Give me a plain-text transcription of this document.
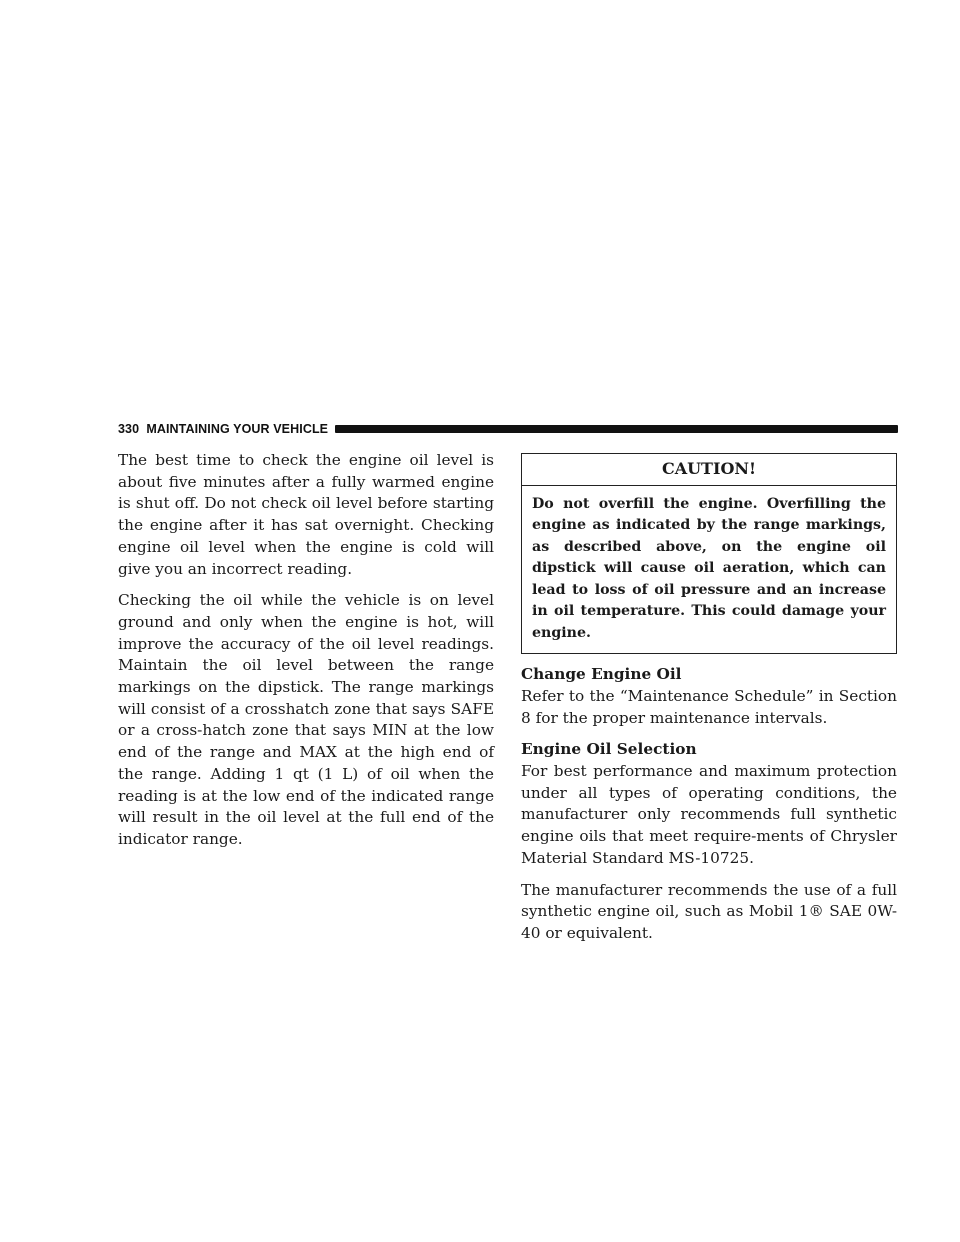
330 MAINTAINING YOUR VEHICLE

The best time to check the engine oil level is about five minutes after a fully warmed engine is shut off. Do not check oil level before starting the engine after it has sat overnight. Checking engine oil level when the engine is cold will give you an incorrect reading.

Checking the oil while the vehicle is on level ground and only when the engine is hot, will improve the accuracy of the oil level readings. Maintain the oil level between the range markings on the dipstick. The range markings will consist of a crosshatch zone that says SAFE or a cross-hatch zone that says MIN at the low end of the range and MAX at the high end of the range. Adding 1 qt (1 L) of oil when the reading is at the low end of the indicated range will result in the oil level at the full end of the indicator range.

CAUTION!
Do not overfill the engine. Overfilling the engine as indicated by the range markings, as described above, on the engine oil dipstick will cause oil aeration, which can lead to loss of oil pressure and an increase in oil temperature. This could damage your engine.
Change Engine Oil

Refer to the “Maintenance Schedule” in Section 8 for the proper maintenance intervals.

Engine Oil Selection

For best performance and maximum protection under all types of operating conditions, the manufacturer only recommends full synthetic engine oils that meet require-ments of Chrysler Material Standard MS-10725.

The manufacturer recommends the use of a full synthetic engine oil, such as Mobil 1® SAE 0W-40 or equivalent.
